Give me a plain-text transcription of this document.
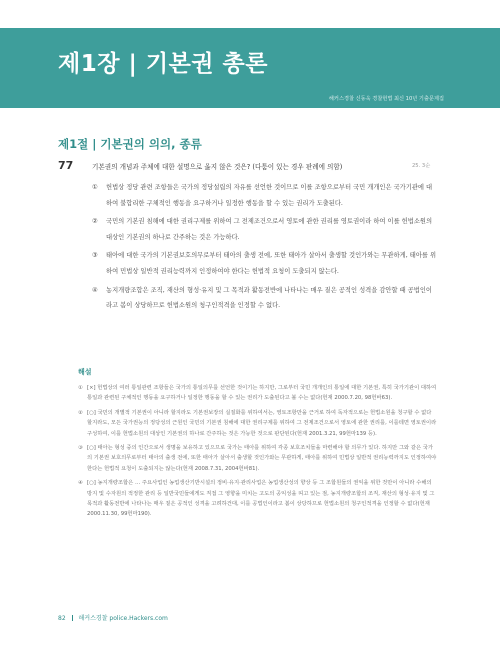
제1장 | 기본권 총론
해커스경찰 신동욱 경찰헌법 최신 10년 기출문제집
제1절 | 기본권의 의의, 종류
77	기본권의 개념과 주체에 대한 설명으로 옳지 않은 것은? (다툼이 있는 경우 판례에 의함)	25. 3순
① 헌법상 정당 관련 조항들은 국가의 정당설립의 자유를 선언한 것이므로 이를 조항으로부터 국민 개개인은 국가기관에 대하여 불합리한 구체적인 행동을 요구하거나 일정한 행동을 할 수 있는 권리가 도출된다.
② 국민의 기본권 침해에 대한 권리구제를 위하여 그 전제조건으로서 영토에 관한 권리를 영토권이라 하여 이를 헌법소원의 대상인 기본권의 하나로 간주하는 것은 가능하다.
③ 태아에 대한 국가의 기본권보호의무로부터 태아의 출생 전에, 또한 태아가 살아서 출생할 것인가와는 무관하게, 태아를 위하여 민법상 일반적 권리능력까지 인정하여야 한다는 헌법적 요청이 도출되지 않는다.
④ 농지개량조합은 조직, 재산의 형성·유지 및 그 목적과 활동전반에 나타나는 매우 짙은 공적인 성격을 감안할 때 공법인이라고 봄이 상당하므로 헌법소원의 청구인적격을 인정할 수 없다.
해설
① [×] 헌법상의 여러 통일관련 조항들은 국가의 통일의무를 선언한 것이기는 하지만, 그로부터 국민 개개인의 통일에 대한 기본권, 특히 국가기관이 대하여 통일과 관련된 구체적인 행동을 요구하거나 일정한 행동을 할 수 있는 권리가 도출된다고 볼 수는 없다(헌재 2000.7.20, 98헌바63).
② [○] 국민의 개별적 기본권이 아니라 할지라도 기본권보장의 실질화를 위하여서는, 영토조항만을 근거로 하여 독자적으로는 헌법소원을 청구할 수 없다 할지라도, 모든 국가권능의 정당성의 근원인 국민의 기본권 침해에 대한 권리구제를 위하여 그 전제조건으로서 영토에 관한 권리를, 이를테면 영토권이라 구성하여, 이를 헌법소원의 대상인 기본권의 하나로 간주하는 것은 가능한 것으로 판단된다(헌재 2001.3.21, 99헌마139 등).
③ [○] 태아는 형성 중의 인간으로서 생명을 보유하고 있으므로 국가는 태아를 위하여 각종 보호조치들을 마련해야 할 의무가 있다. 하지만 그와 같은 국가의 기본권 보호의무로부터 태아의 출생 전에, 또한 태아가 살아서 출생할 것인가와는 무관하게, 태아를 위하여 민법상 일반적 권리능력까지도 인정하여야 한다는 헌법적 요청이 도출되지는 않는다(헌재 2008.7.31, 2004헌바81).
④ [○] 농지개량조합은 … 주요사업인 농업생산기반시설의 정비·유지·관리사업은 농업생산성의 향상 등 그 조합원들의 권익을 위한 것만이 아니라 수해의 방지 및 수자원의 적정한 관리 등 일반국민들에게도 직접 그 영향을 미치는 고도의 공익성을 띠고 있는 점, 농지개량조합의 조직, 재산의 형성·유지 및 그 목적과 활동전반에 나타나는 매우 짙은 공적인 성격을 고려하건대, 이를 공법인이라고 봄이 상당하므로 헌법소원의 청구인적격을 인정할 수 없다(헌재 2000.11.30, 99헌마190).
82 해커스경찰 police.Hackers.com
